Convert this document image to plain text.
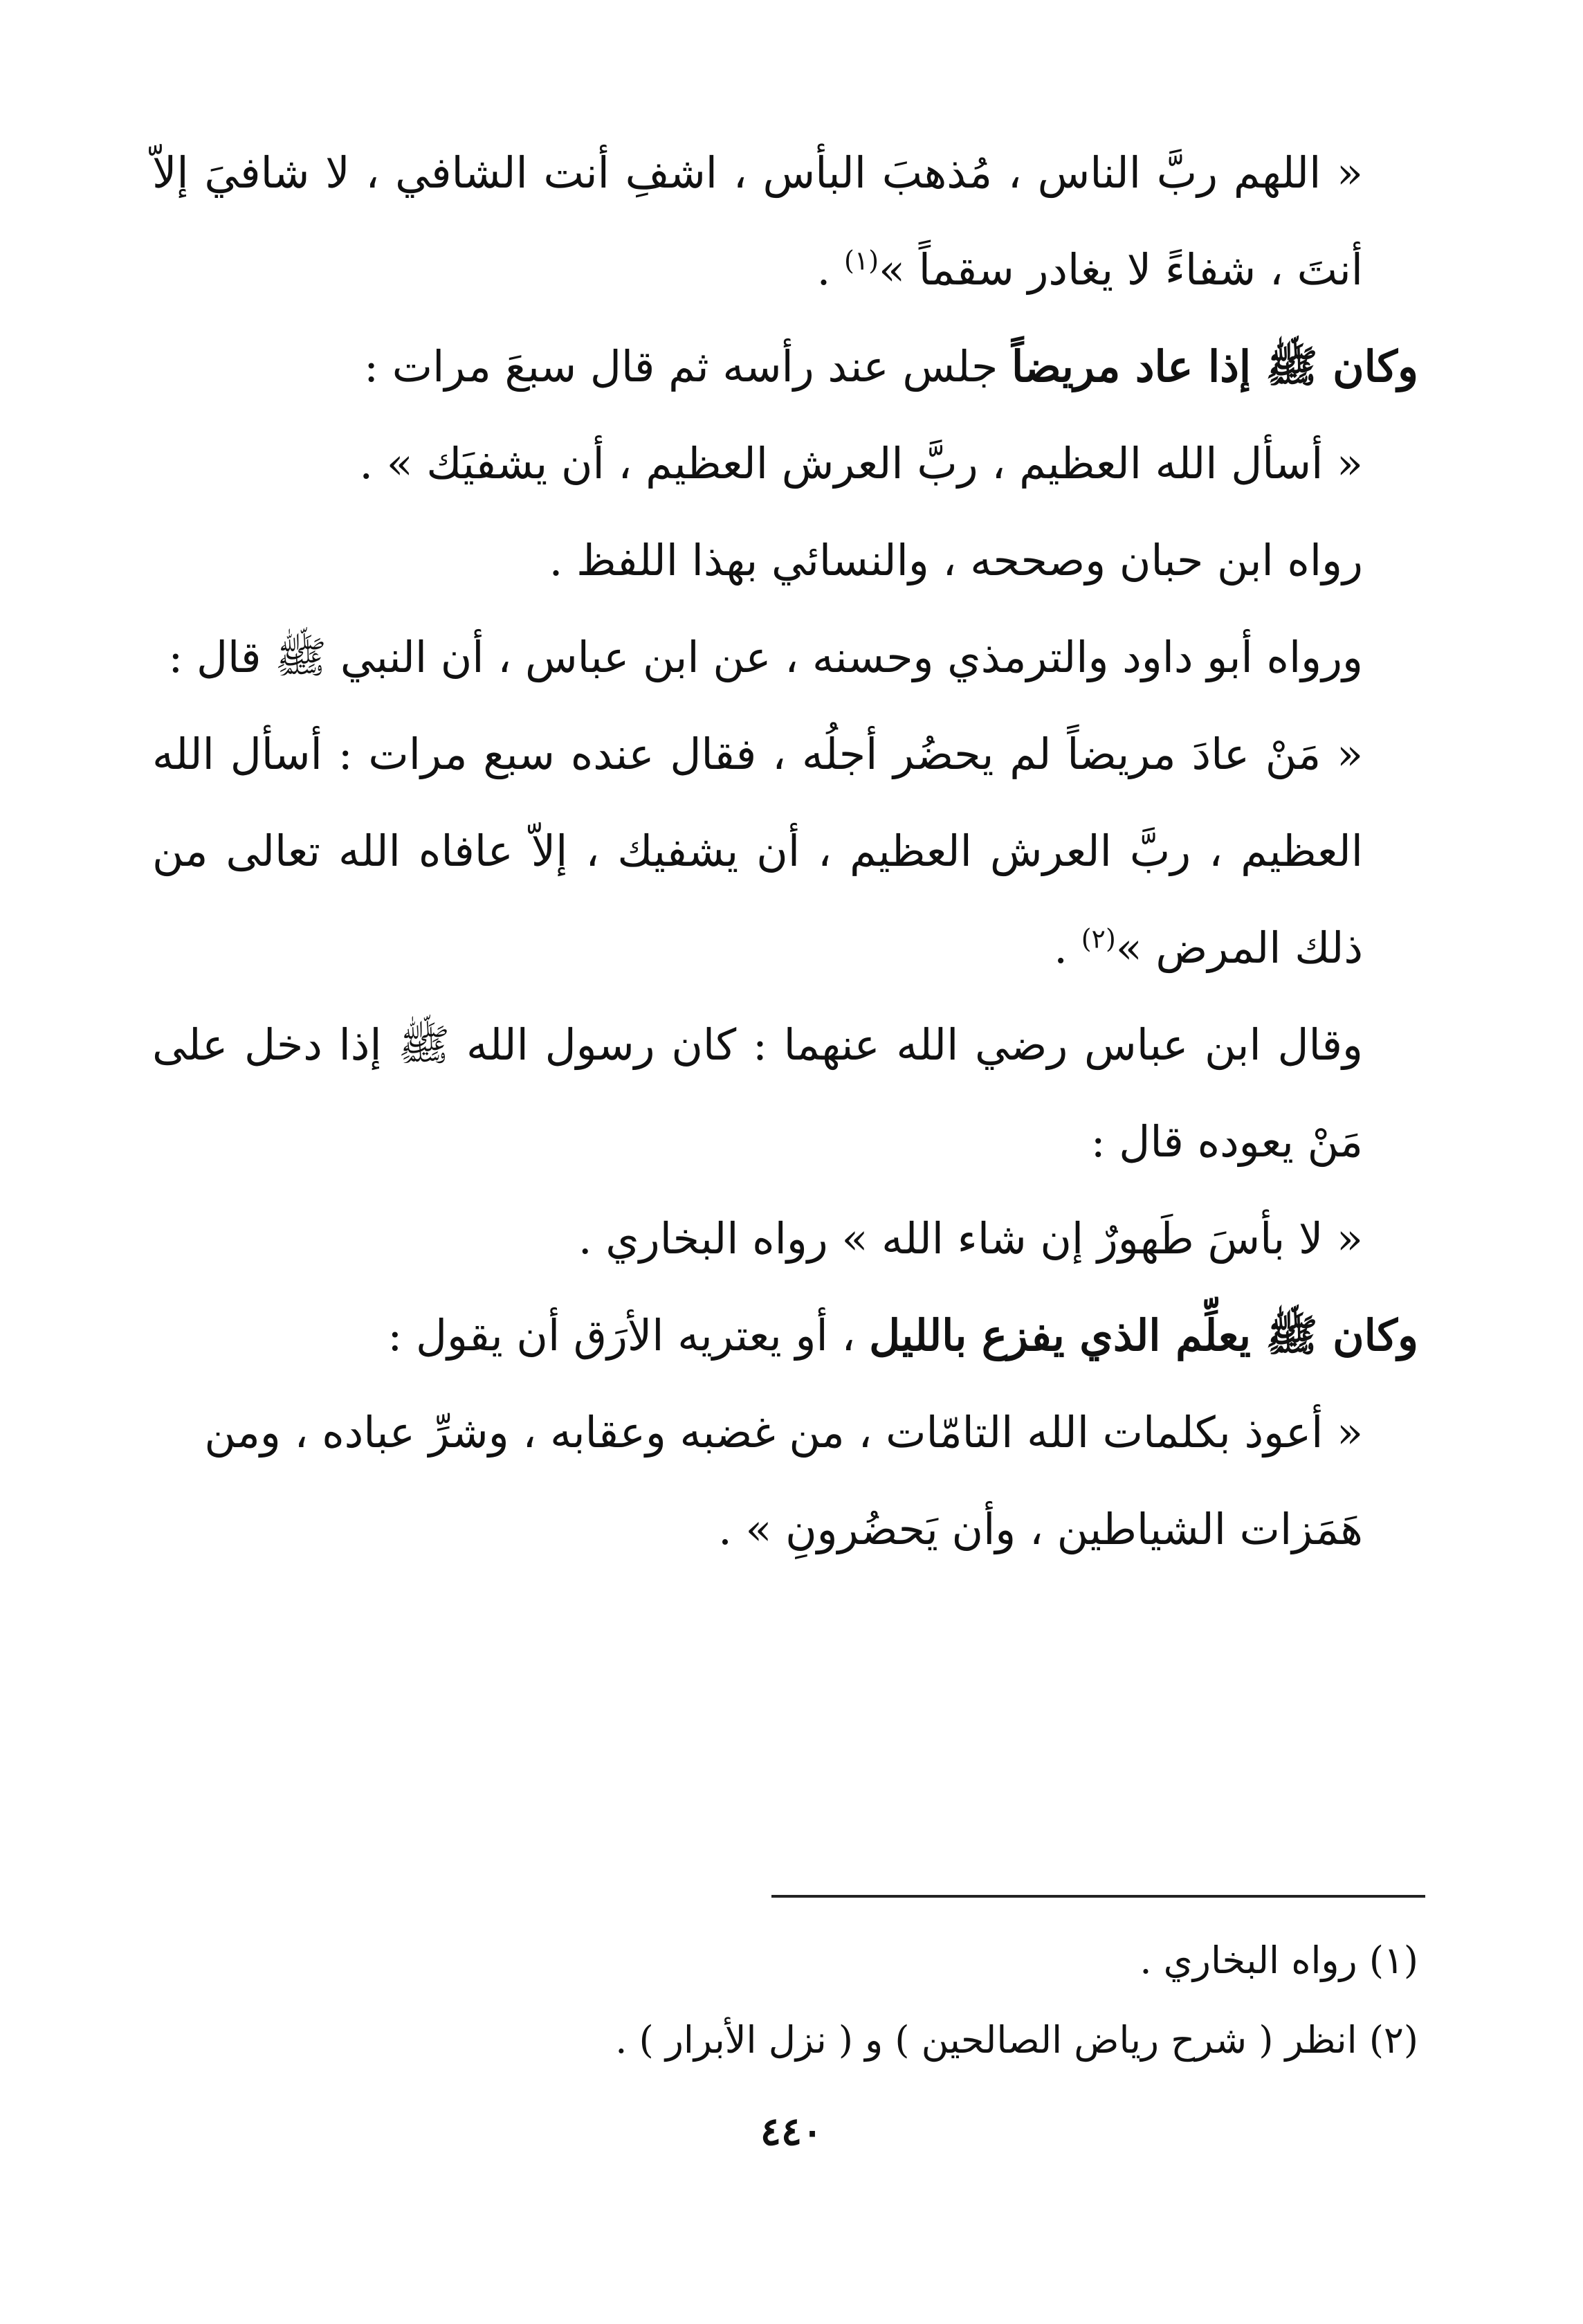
« اللهم ربَّ الناس ، مُذهبَ البأس ، اشفِ أنت الشافي ، لا شافيَ إلاّ أنتَ ، شفاءً لا يغادر سقماً »$^{(١)}$ .

وكان ﷺ إذا عاد مريضاً جلس عند رأسه ثم قال سبعَ مرات :

« أسأل الله العظيم ، ربَّ العرش العظيم ، أن يشفيَك » .

رواه ابن حبان وصححه ، والنسائي بهذا اللفظ .

ورواه أبو داود والترمذي وحسنه ، عن ابن عباس ، أن النبي ﷺ قال :

« مَنْ عادَ مريضاً لم يحضُر أجلُه ، فقال عنده سبع مرات : أسأل الله العظيم ، ربَّ العرش العظيم ، أن يشفيك ، إلاّ عافاه الله تعالى من ذلك المرض »$^{(٢)}$ .

وقال ابن عباس رضي الله عنهما : كان رسول الله ﷺ إذا دخل على مَنْ يعوده قال :

« لا بأسَ طَهورٌ إن شاء الله » رواه البخاري .

وكان ﷺ يعلِّم الذي يفزع بالليل ، أو يعتريه الأرَق أن يقول :

« أعوذ بكلمات الله التامّات ، من غضبه وعقابه ، وشرِّ عباده ، ومن هَمَزات الشياطين ، وأن يَحضُرونِ » .

(١) رواه البخاري .
(٢) انظر ( شرح رياض الصالحين ) و ( نزل الأبرار ) .
٤٤٠
